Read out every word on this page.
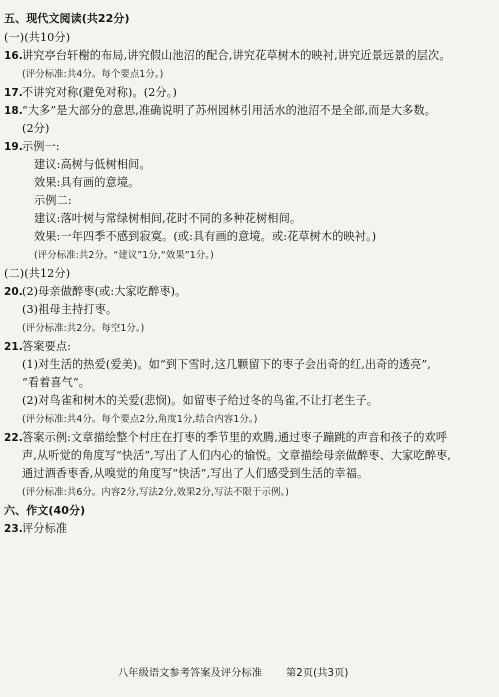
五、现代文阅读(共22分)
(一)(共10分)
16. 讲究亭台轩榭的布局,讲究假山池沼的配合,讲究花草树木的映衬,讲究近景远景的层次。
(评分标准:共4分。每个要点1分。)
17. 不讲究对称(避免对称)。(2分。)
18. “大多”是大部分的意思,准确说明了苏州园林引用活水的池沼不是全部,而是大多数。
(2分)
19. 示例一:
建议:高树与低树相间。
效果:具有画的意境。
示例二:
建议:落叶树与常绿树相间,花时不同的多种花树相间。
效果:一年四季不感到寂寞。(或:具有画的意境。或:花草树木的映衬。)
(评分标准:共2分。“建议”1分,“效果”1分。)
(二)(共12分)
20. (2)母亲做醉枣(或:大家吃醉枣)。
(3)祖母主持打枣。
(评分标准:共2分。每空1分。)
21. 答案要点:
(1)对生活的热爱(爱美)。如“到下雪时,这几颗留下的枣子会出奇的红,出奇的透亮”,
“看着喜气”。
(2)对鸟雀和树木的关爱(悲悯)。如留枣子给过冬的鸟雀,不让打老生子。
(评分标准:共4分。每个要点2分,角度1分,结合内容1分。)
22. 答案示例:文章描绘整个村庄在打枣的季节里的欢腾,通过枣子蹦跳的声音和孩子的欢呼
声,从听觉的角度写“快活”,写出了人们内心的愉悦。文章描绘母亲做醉枣、大家吃醉枣,
通过酒香枣香,从嗅觉的角度写“快活”,写出了人们感受到生活的幸福。
(评分标准:共6分。内容2分,写法2分,效果2分,写法不限于示例。)
六、作文(40分)
23. 评分标准
八年级语文参考答案及评分标准 第2页(共3页)
